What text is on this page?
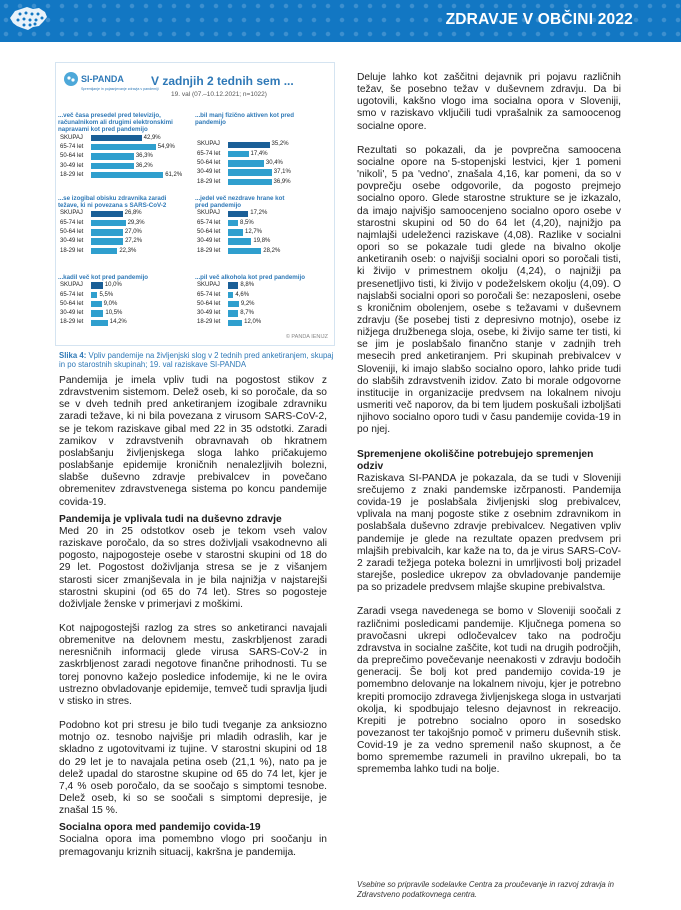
ZDRAVJE V OBČINI 2022
SI-PANDA
Spremljanje in pojasnjevanje zdravja v pandemiji
V zadnjih 2 tednih sem ...
19. val (07.–10.12.2021; n=1022)
...več časa presedel pred televizijo, računalnikom ali drugimi elektronskimi napravami kot pred pandemijo
SKUPAJ	42,9%
65-74 let	54,9%
50-64 let	36,3%
30-49 let	36,2%
18-29 let	61,2%
...bil manj fizično aktiven kot pred pandemijo
SKUPAJ	35,2%
65-74 let	17,4%
50-64 let	30,4%
30-49 let	37,1%
18-29 let	36,9%
...se izogibal obisku zdravnika zaradi težave, ki ni povezana s SARS-CoV-2
SKUPAJ	26,8%
65-74 let	29,3%
50-64 let	27,0%
30-49 let	27,2%
18-29 let	22,3%
...jedel več nezdrave hrane kot pred pandemijo
SKUPAJ	17,2%
65-74 let	8,5%
50-64 let	12,7%
30-49 let	19,8%
18-29 let	28,2%
...kadil več kot pred pandemijo
SKUPAJ	10,0%
65-74 let	5,5%
50-64 let	9,0%
30-49 let	10,5%
18-29 let	14,2%
...pil več alkohola kot pred pandemijo
SKUPAJ	8,8%
65-74 let	4,6%
50-64 let	9,2%
30-49 let	8,7%
18-29 let	12,0%
© PANDA IENIJZ
Slika 4: Vpliv pandemije na življenjski slog v 2 tednih pred anketiranjem, skupaj in po starostnih skupinah; 19. val raziskave SI-PANDA

Pandemija je imela vpliv tudi na pogostost stikov z zdravstvenim sistemom. Delež oseb, ki so poročale, da so se v dveh tednih pred anketiranjem izogibale zdravniku zaradi težave, ki ni bila povezana z virusom SARS-CoV-2, se je tekom raziskave gibal med 22 in 35 odstotki. Zaradi zamikov v zdravstvenih obravnavah ob hkratnem poslabšanju življenjskega sloga lahko pričakujemo poslabšanje epidemije kroničnih nenalezljivih bolezni, slabše duševno zdravje prebivalcev in povečano obremenitev zdravstvenega sistema po koncu pandemije covida-19.

Pandemija je vplivala tudi na duševno zdravje

Med 20 in 25 odstotkov oseb je tekom vseh valov raziskave poročalo, da so stres doživljali vsakodnevno ali pogosto, najpogosteje osebe v starostni skupini od 18 do 29 let. Pogostost doživljanja stresa se je z višanjem starosti sicer zmanjševala in je bila najnižja v najstarejši starostni skupini (od 65 do 74 let). Stres so pogosteje doživljale ženske v primerjavi z moškimi.

Kot najpogostejši razlog za stres so anketiranci navajali obremenitve na delovnem mestu, zaskrbljenost zaradi neresničnih informacij glede virusa SARS-CoV-2 in zaskrbljenost zaradi negotove finančne prihodnosti. Tu se torej ponovno kažejo posledice infodemije, ki ne le ovira ustrezno obvladovanje epidemije, temveč tudi spravlja ljudi v stisko in stres.

Podobno kot pri stresu je bilo tudi tveganje za anksiozno motnjo oz. tesnobo najvišje pri mladih odraslih, kar je skladno z ugotovitvami iz tujine. V starostni skupini od 18 do 29 let je to navajala petina oseb (21,1 %), nato pa je delež upadal do starostne skupine od 65 do 74 let, kjer je 7,4 % oseb poročalo, da se soočajo s simptomi tesnobe. Delež oseb, ki so se soočali s simptomi depresije, je znašal 15 %.

Socialna opora med pandemijo covida-19

Socialna opora ima pomembno vlogo pri soočanju in premagovanju kriznih situacij, kakršna je pandemija.

Deluje lahko kot zaščitni dejavnik pri pojavu različnih težav, še posebno težav v duševnem zdravju. Da bi ugotovili, kakšno vlogo ima socialna opora v Sloveniji, smo v raziskavo vključili tudi vprašalnik za samoocenog socialne opore.

Rezultati so pokazali, da je povprečna samoocena socialne opore na 5-stopenjski lestvici, kjer 1 pomeni 'nikoli', 5 pa 'vedno', znašala 4,16, kar pomeni, da so v povprečju osebe odgovorile, da pogosto prejmejo socialno oporo. Glede starostne strukture se je izkazalo, da imajo najvišjo samoocenjeno socialno oporo osebe v starostni skupini od 50 do 64 let (4,20), najnižjo pa najmlajši udeleženci raziskave (4,08). Razlike v socialni opori so se pokazale tudi glede na bivalno okolje anketiranih oseb: o najvišji socialni opori so poročali tisti, ki živijo v primestnem okolju (4,24), o najnižji pa presenetljivo tisti, ki živijo v podeželskem okolju (4,09). O najslabši socialni opori so poročali še: nezaposleni, osebe s kroničnim obolenjem, osebe s težavami v duševnem zdravju (še posebej tisti z depresivno motnjo), osebe iz nižjega družbenega sloja, osebe, ki živijo same ter tisti, ki se jim je poslabšalo finančno stanje v zadnjih treh mesecih pred anketiranjem. Pri skupinah prebivalcev v Sloveniji, ki imajo slabšo socialno oporo, lahko pride tudi do slabših zdravstvenih izidov. Zato bi morale odgovorne institucije in organizacije predvsem na lokalnem nivoju usmeriti več naporov, da bi tem ljudem poskušali izboljšati njihovo socialno oporo tudi v času pandemije covida-19 in po njej.

Spremenjene okoliščine potrebujejo spremenjen odziv

Raziskava SI-PANDA je pokazala, da se tudi v Sloveniji srečujemo z znaki pandemske izčrpanosti. Pandemija covida-19 je poslabšala življenjski slog prebivalcev, vplivala na manj pogoste stike z osebnim zdravnikom in poslabšala duševno zdravje prebivalcev. Negativen vpliv pandemije je glede na rezultate opazen predvsem pri mlajših prebivalcih, kar kaže na to, da je virus SARS-CoV-2 zaradi težjega poteka bolezni in umrljivosti bolj prizadel starejše, posledice ukrepov za obvladovanje pandemije pa so prizadele predvsem mlajše skupine prebivalstva.

Zaradi vsega navedenega se bomo v Sloveniji soočali z različnimi posledicami pandemije. Ključnega pomena so pravočasni ukrepi odločevalcev tako na področju zdravstva in socialne zaščite, kot tudi na drugih področjih, da preprečimo povečevanje neenakosti v zdravju bodočih generacij. Še bolj kot pred pandemijo covida-19 je pomembno delovanje na lokalnem nivoju, kjer je potrebno krepiti promocijo zdravega življenjskega sloga in ustvarjati okolja, ki spodbujajo telesno dejavnost in rekreacijo. Krepiti je potrebno socialno oporo in sosedsko povezanost ter takojšnjo pomoč v primeru duševnih stisk. Covid-19 je za vedno spremenil našo skupnost, a če bomo spremembe razumeli in pravilno ukrepali, bo ta sprememba lahko tudi na bolje.

Vsebine so pripravile sodelavke Centra za proučevanje in razvoj zdravja in Zdravstveno podatkovnega centra.
